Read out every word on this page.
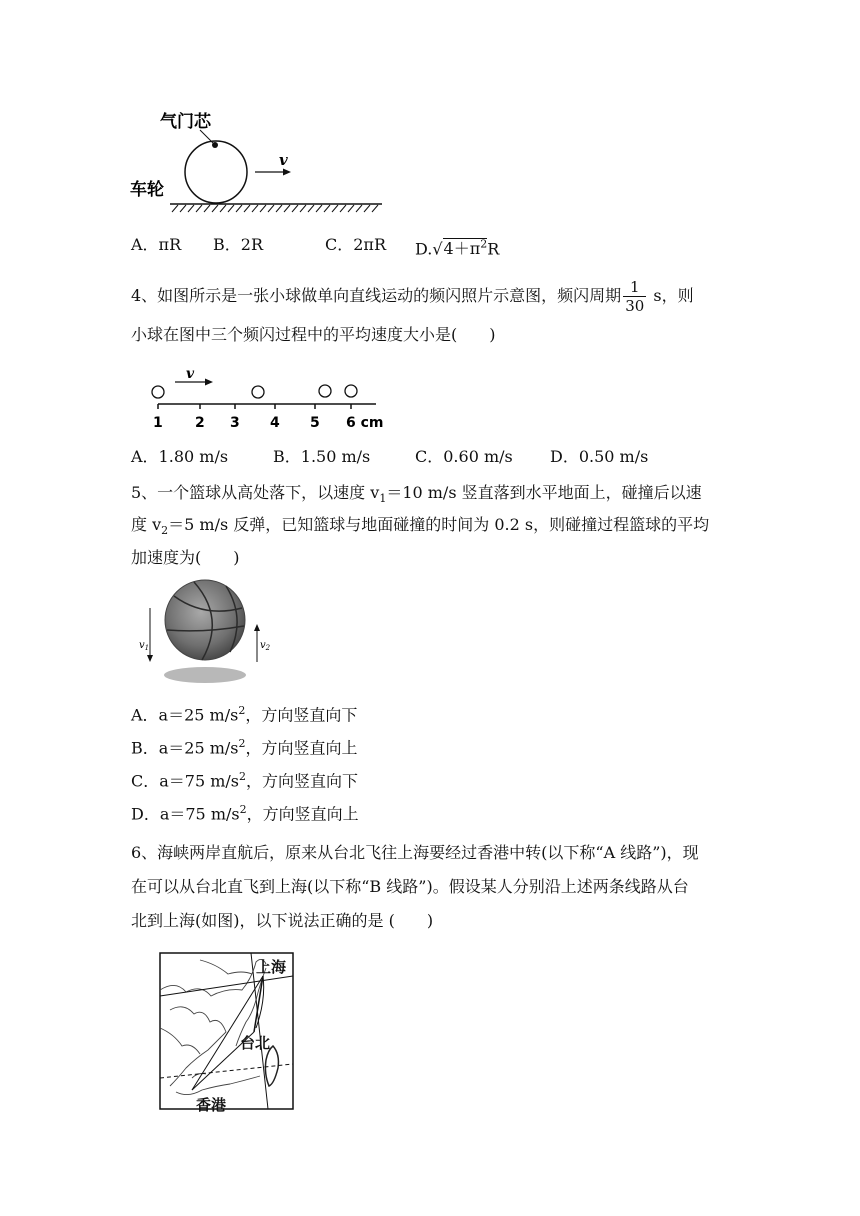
气门芯
车轮
v
A．πR B．2R	C．2πR $D.√4+\pi^2R$
4、如图所示是一张小球做单向直线运动的频闪照片示意图，频闪周期 $\frac{1}{30}$ s，则
小球在图中三个频闪过程中的平均速度大小是(　　)
v
1 2 3 4 5 6 cm
A．1.80 m/s	B．1.50 m/s	C．0.60 m/s D．0.50 m/s
5、一个篮球从高处落下，以速度 $v_1=10$ m/s 竖直落到水平地面上，碰撞后以速
度 $v_2=5$ m/s 反弹，已知篮球与地面碰撞的时间为 0.2 s，则碰撞过程篮球的平均
加速度为(　　)
$v_1$	$v_2$
A．a＝25 $m/s^2$，方向竖直向下
B．a＝25 $m/s^2$，方向竖直向上
C．a＝75 $m/s^2$，方向竖直向下
D．a＝75 $m/s^2$，方向竖直向上
6、海峡两岸直航后，原来从台北飞往上海要经过香港中转(以下称“A 线路”)，现
在可以从台北直飞到上海(以下称“B 线路”)。假设某人分别沿上述两条线路从台
北到上海(如图)，以下说法正确的是 (　　)
上海
台北
香港
